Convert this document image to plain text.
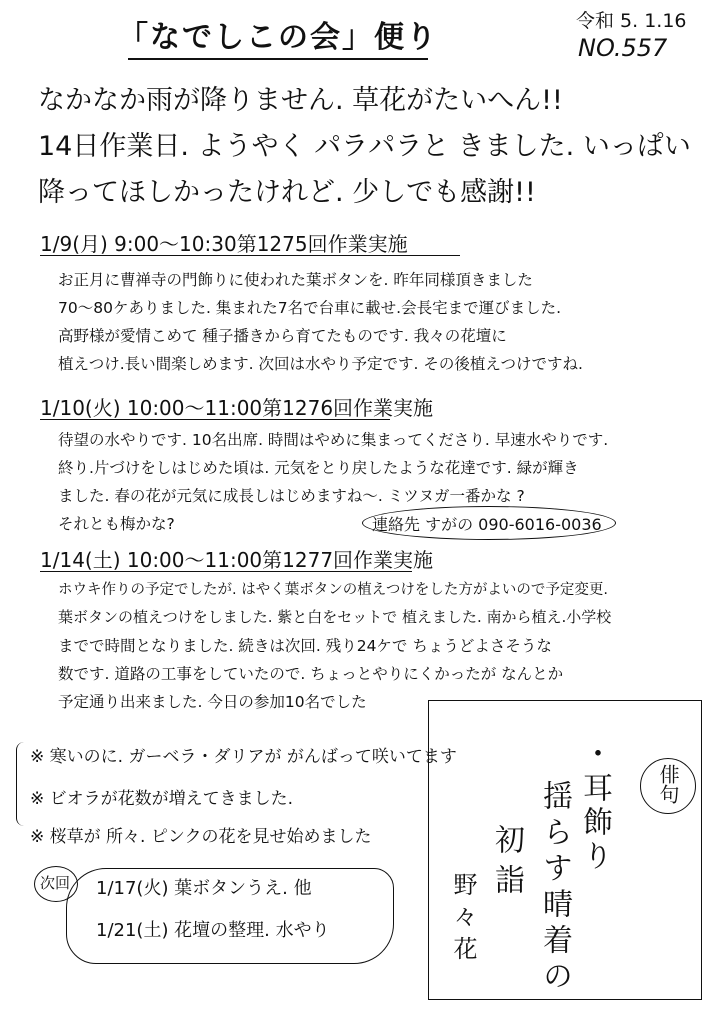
「なでしこの会」便り	令和 5. 1.16
NO.557
なかなか雨が降りません. 草花がたいへん!!
14日作業日. ようやく パラパラと きました. いっぱい
降ってほしかったけれど. 少しでも感謝!!
1/9(月) 9:00〜10:30第1275回作業実施
お正月に曹禅寺の門飾りに使われた葉ボタンを. 昨年同様頂きました
70〜80ケありました. 集まれた7名で台車に載せ.会長宅まで運びました.
高野様が愛情こめて 種子播きから育てたものです. 我々の花壇に
植えつけ.長い間楽しめます. 次回は水やり予定です. その後植えつけですね.
1/10(火) 10:00〜11:00第1276回作業実施
待望の水やりです. 10名出席. 時間はやめに集まってくださり. 早速水やりです.
終り.片づけをしはじめた頃は. 元気をとり戻したような花達です. 緑が輝き
ました. 春の花が元気に成長しはじめますね〜. ミツヌガ一番かな ?
それとも梅かな?	連絡先 すがの 090-6016-0036
1/14(土) 10:00〜11:00第1277回作業実施
ホウキ作りの予定でしたが. はやく葉ボタンの植えつけをした方がよいので予定変更.
葉ボタンの植えつけをしました. 紫と白をセットで 植えました. 南から植え.小学校
までで時間となりました. 続きは次回. 残り24ケで ちょうどよさそうな
数です. 道路の工事をしていたので. ちょっとやりにくかったが なんとか
予定通り出来ました. 今日の参加10名でした
※ 寒いのに. ガーベラ・ダリアが がんばって咲いてます
※ ビオラが花数が増えてきました.
※ 桜草が 所々. ピンクの花を見せ始めました
次回 1/17(火) 葉ボタンうえ. 他
1/21(土) 花壇の整理. 水やり
俳句
・耳飾り
揺らす晴着の
初詣
野々花
